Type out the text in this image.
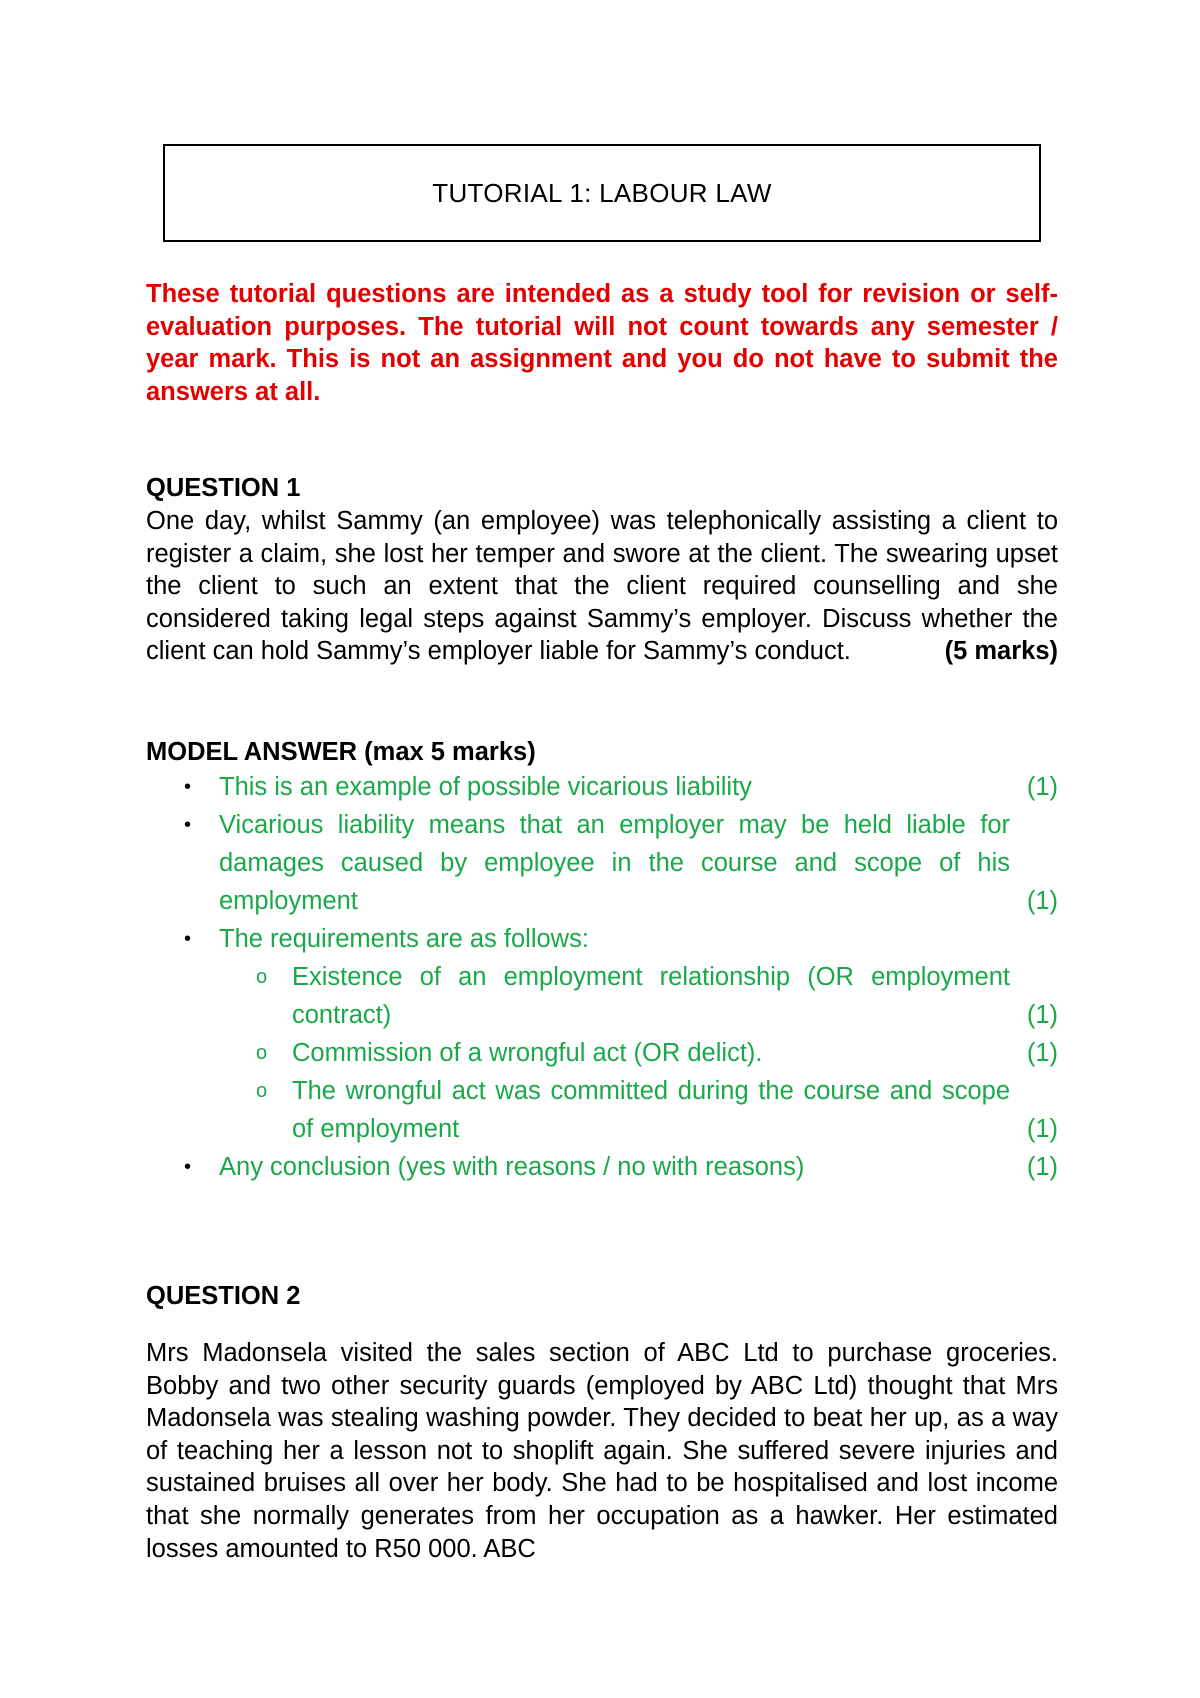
TUTORIAL 1: LABOUR LAW
These tutorial questions are intended as a study tool for revision or self-evaluation purposes. The tutorial will not count towards any semester / year mark. This is not an assignment and you do not have to submit the answers at all.
QUESTION 1
One day, whilst Sammy (an employee) was telephonically assisting a client to register a claim, she lost her temper and swore at the client. The swearing upset the client to such an extent that the client required counselling and she considered taking legal steps against Sammy’s employer. Discuss whether the client can hold Sammy’s employer liable for Sammy’s conduct.	(5 marks)
MODEL ANSWER (max 5 marks)
• This is an example of possible vicarious liability	(1)
• Vicarious liability means that an employer may be held liable for damages caused by employee in the course and scope of his employment	(1)
• The requirements are as follows:
o Existence of an employment relationship (OR employment contract)	(1)
o Commission of a wrongful act (OR delict).	(1)
o The wrongful act was committed during the course and scope of employment	(1)
• Any conclusion (yes with reasons / no with reasons)	(1)
QUESTION 2
Mrs Madonsela visited the sales section of ABC Ltd to purchase groceries. Bobby and two other security guards (employed by ABC Ltd) thought that Mrs Madonsela was stealing washing powder. They decided to beat her up, as a way of teaching her a lesson not to shoplift again. She suffered severe injuries and sustained bruises all over her body. She had to be hospitalised and lost income that she normally generates from her occupation as a hawker. Her estimated losses amounted to R50 000. ABC
